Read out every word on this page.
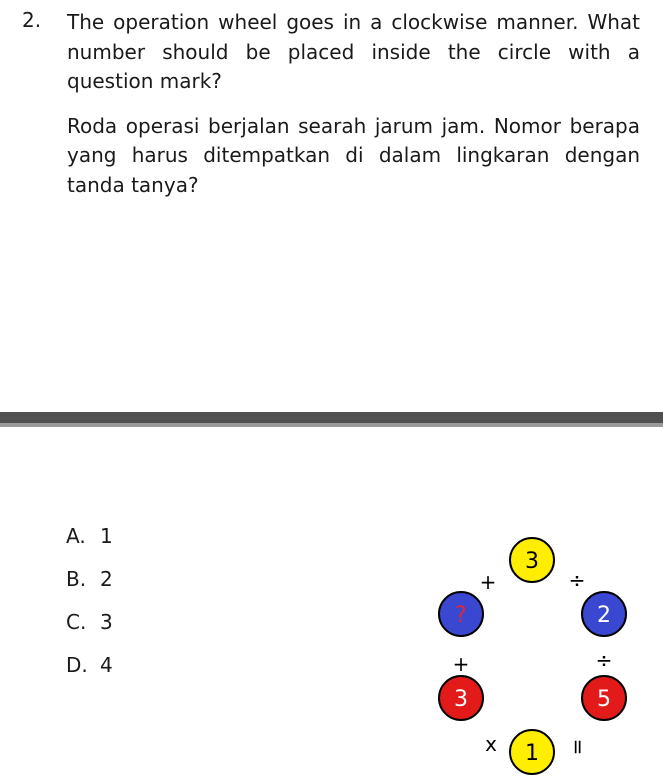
2. The operation wheel goes in a clockwise manner. What number should be placed inside the circle with a question mark?

Roda operasi berjalan searah jarum jam. Nomor berapa yang harus ditempatkan di dalam lingkaran dengan tanda tanya?

A. 1
B. 2
C. 3
D. 4
3
2
5
1
3
?
÷
÷
=
x
+
+
